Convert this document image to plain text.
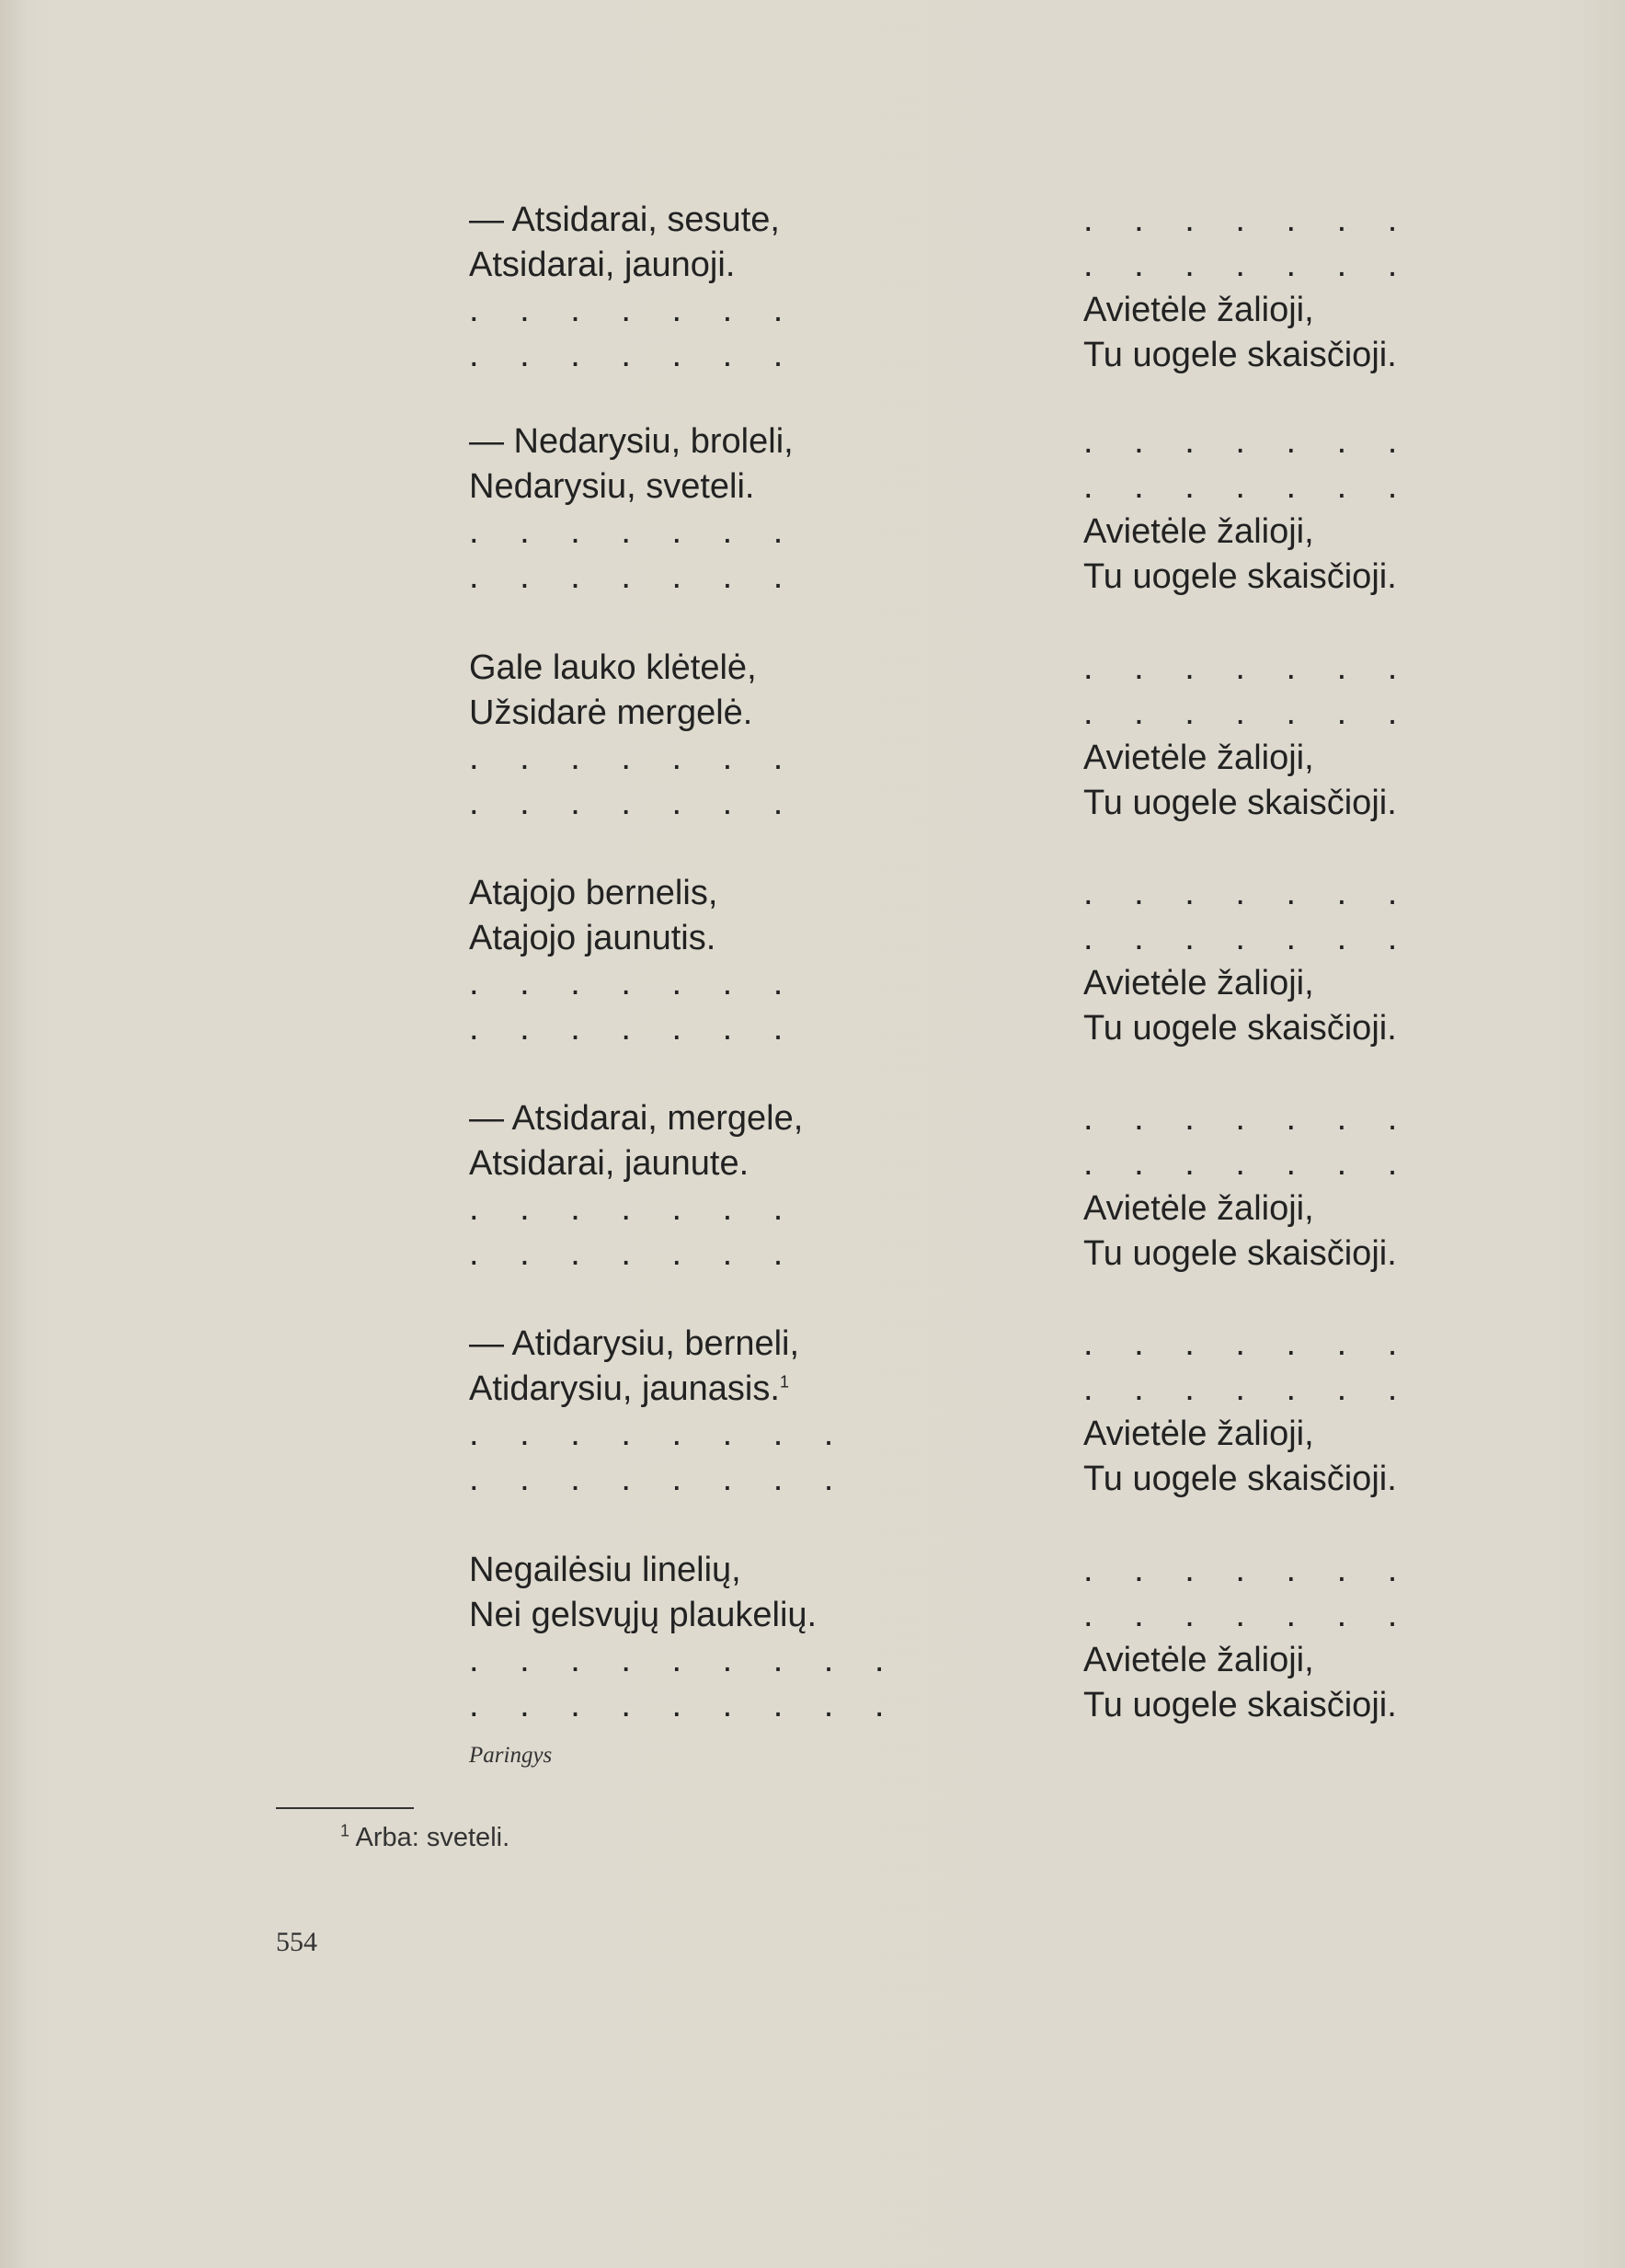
— Atsidarai, sesute,	. . . . . . .
Atsidarai, jaunoji.	. . . . . . .
. . . . . . .	Avietėle žalioji,
. . . . . . .	Tu uogele skaisčioji.
— Nedarysiu, broleli,	. . . . . . .
Nedarysiu, sveteli.	. . . . . . .
. . . . . . .	Avietėle žalioji,
. . . . . . .	Tu uogele skaisčioji.
Gale lauko klėtelė,	. . . . . . .
Užsidarė mergelė.	. . . . . . .
. . . . . . .	Avietėle žalioji,
. . . . . . .	Tu uogele skaisčioji.
Atajojo bernelis,	. . . . . . .
Atajojo jaunutis.	. . . . . . .
. . . . . . .	Avietėle žalioji,
. . . . . . .	Tu uogele skaisčioji.
— Atsidarai, mergele,	. . . . . . .
Atsidarai, jaunute.	. . . . . . .
. . . . . . .	Avietėle žalioji,
. . . . . . .	Tu uogele skaisčioji.
— Atidarysiu, berneli,	. . . . . . .
Atidarysiu, jaunasis.$^1$	. . . . . . .
. . . . . . . .	Avietėle žalioji,
. . . . . . . .	Tu uogele skaisčioji.
Negailėsiu linelių,	. . . . . . .
Nei gelsvųjų plaukelių.	. . . . . . .
. . . . . . . . .	Avietėle žalioji,
. . . . . . . . .	Tu uogele skaisčioji.
Paringys
$^1$ Arba: sveteli.
554
